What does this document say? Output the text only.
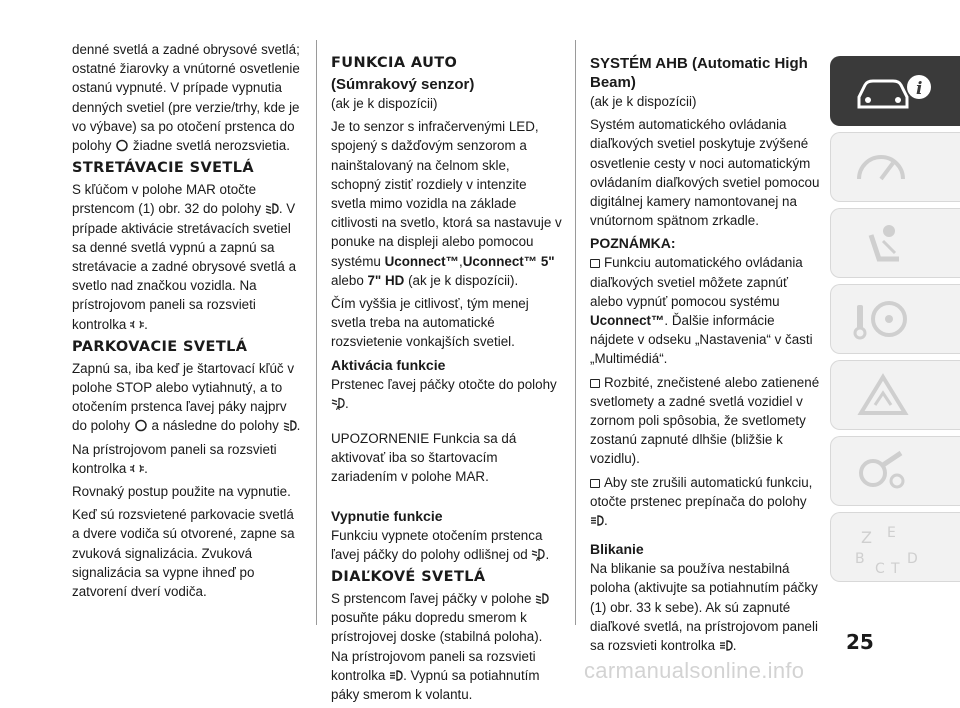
denné svetlá a zadné obrysové svetlá; ostatné žiarovky a vnútorné osvetlenie ostanú vypnuté. V prípade vypnutia denných svetiel (pre verzie/trhy, kde je vo výbave) sa po otočení prstenca do polohy
žiadne svetlá nerozsvietia.

STRETÁVACIE SVETLÁ

S kľúčom v polohe MAR otočte prstencom (1) obr. 32 do polohy . V prípade aktivácie stretávacích svetiel sa denné svetlá vypnú a zapnú sa stretávacie a zadné obrysové svetlá a svetlo nad značkou vozidla. Na prístrojovom paneli sa rozsvieti kontrolka .

PARKOVACIE SVETLÁ

Zapnú sa, iba keď je štartovací kľúč v polohe STOP alebo vytiahnutý, a to otočením prstenca ľavej páky najprv do polohy
a následne do polohy .

Na prístrojovom paneli sa rozsvieti kontrolka .

Rovnaký postup použite na vypnutie.

Keď sú rozsvietené parkovacie svetlá a dvere vodiča sú otvorené, zapne sa zvuková signalizácia. Zvuková signalizácia sa vypne ihneď po zatvorení dverí vodiča.

FUNKCIA AUTO
(Súmrakový senzor)

(ak je k dispozícii)

Je to senzor s infračervenými LED, spojený s dažďovým senzorom a nainštalovaný na čelnom skle, schopný zistiť rozdiely v intenzite svetla mimo vozidla na základe citlivosti na svetlo, ktorá sa nastavuje v ponuke na displeji alebo pomocou systému Uconnect™,Uconnect™ 5" alebo 7" HD (ak je k dispozícii).

Čím vyššia je citlivosť, tým menej svetla treba na automatické rozsvietenie vonkajších svetiel.

Aktivácia funkcie

Prstenec ľavej páčky otočte do polohy
A .

UPOZORNENIE Funkcia sa dá aktivovať iba so štartovacím zariadením v polohe MAR.

Vypnutie funkcie

Funkciu vypnete otočením prstenca ľavej páčky do polohy odlišnej od A .

DIAĽKOVÉ SVETLÁ

S prstencom ľavej páčky v polohe
posuňte páku dopredu smerom k prístrojovej doske (stabilná poloha). Na prístrojovom paneli sa rozsvieti kontrolka . Vypnú sa potiahnutím páky smerom k volantu.

SYSTÉM AHB (Automatic High Beam)

(ak je k dispozícii)

Systém automatického ovládania diaľkových svetiel poskytuje zvýšené osvetlenie cesty v noci automatickým ovládaním diaľkových svetiel pomocou digitálnej kamery namontovanej na vnútornom spätnom zrkadle.

POZNÁMKA:

Funkciu automatického ovládania diaľkových svetiel môžete zapnúť alebo vypnúť pomocou systému Uconnect™. Ďalšie informácie nájdete v odseku „Nastavenia“ v časti „Multimédiá“.

Rozbité, znečistené alebo zatienené svetlomety a zadné svetlá vozidiel v zornom poli spôsobia, že svetlomety zostanú zapnuté dlhšie (bližšie k vozidlu).

Aby ste zrušili automatickú funkciu, otočte prstenec prepínača do polohy
.

Blikanie

Na blikanie sa používa nestabilná poloha (aktivujte sa potiahnutím páčky (1) obr. 33 k sebe). Ak sú zapnuté diaľkové svetlá, na prístrojovom paneli sa rozsvieti kontrolka .

i
Z E
B
C T
D
25
carmanualsonline.info
